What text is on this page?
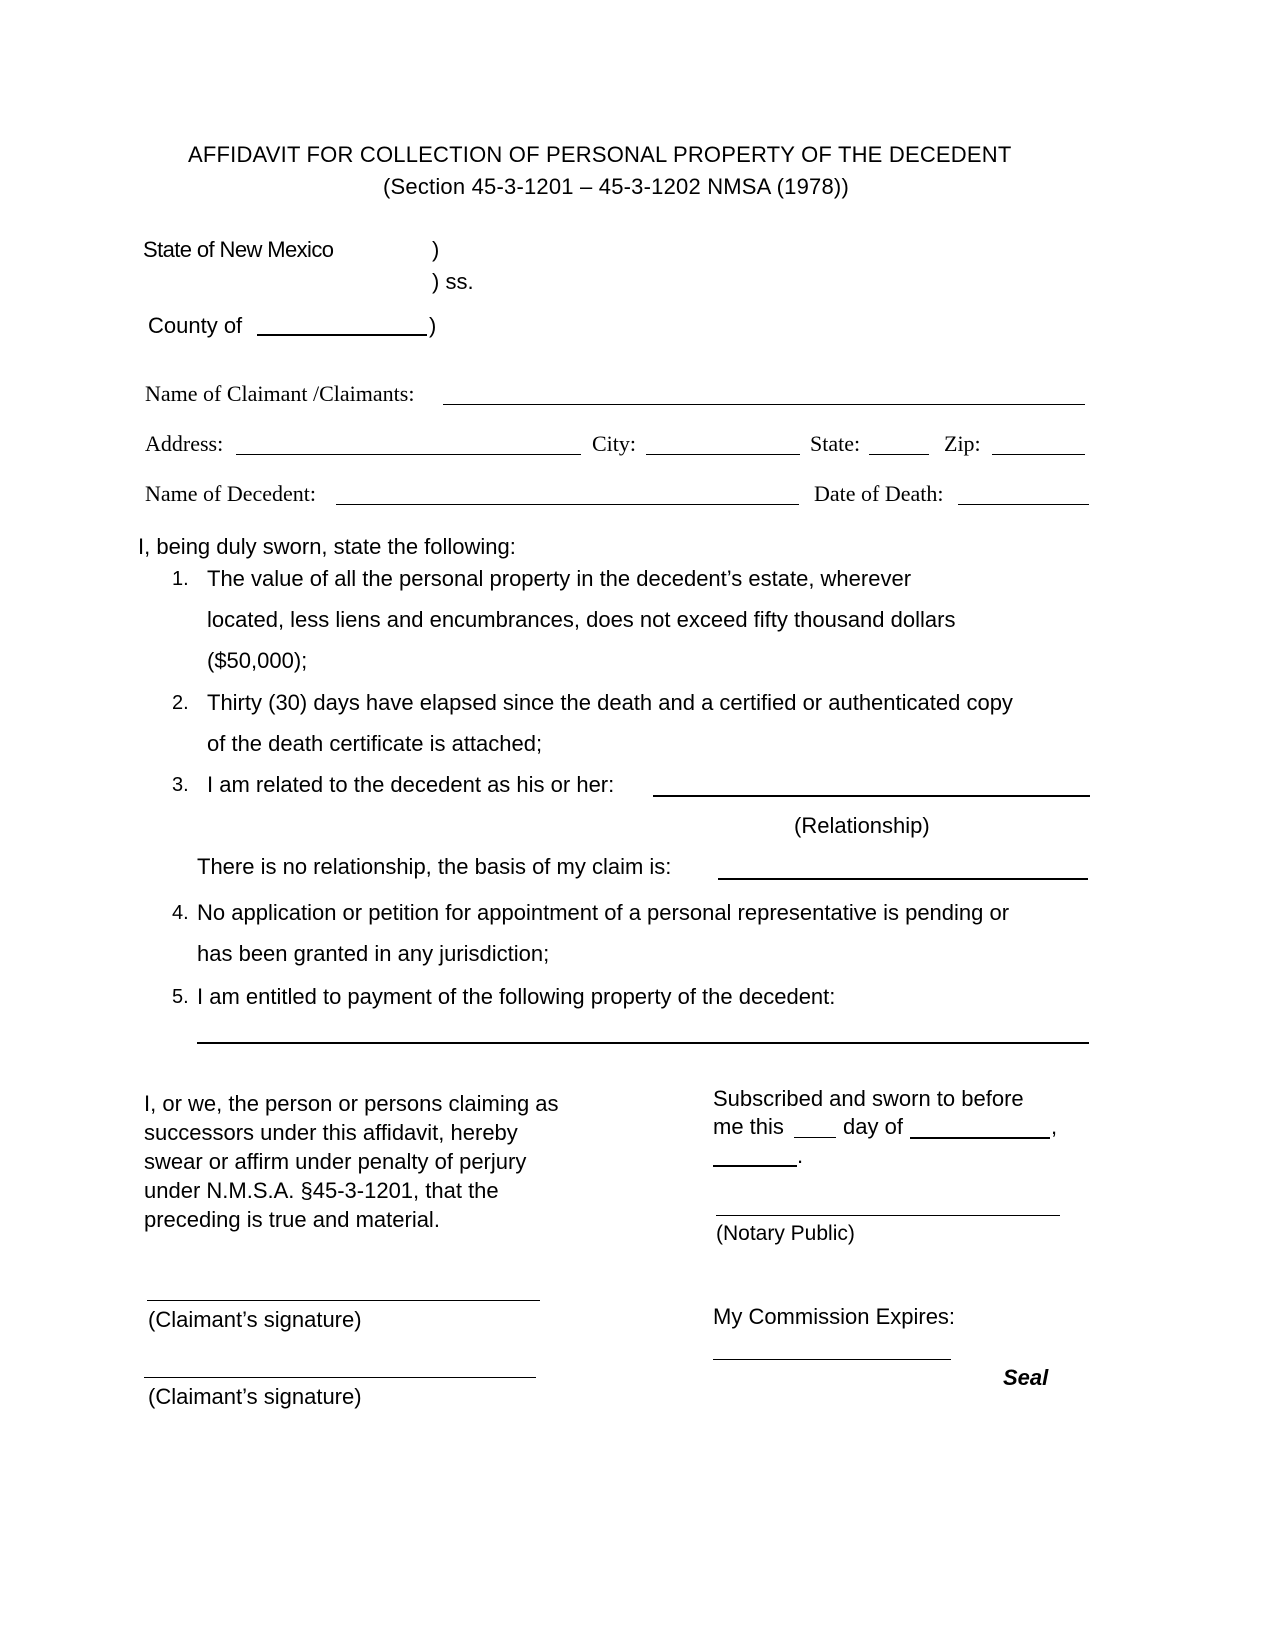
AFFIDAVIT FOR COLLECTION OF PERSONAL PROPERTY OF THE DECEDENT
(Section 45-3-1201 – 45-3-1202 NMSA (1978))
State of New Mexico	)
) ss.
County of	)
Name of Claimant /Claimants:
Address:	City:	State:	Zip:
Name of Decedent:	Date of Death:
I, being duly sworn, state the following:
1. The value of all the personal property in the decedent’s estate, wherever
located, less liens and encumbrances, does not exceed fifty thousand dollars
($50,000);
2. Thirty (30) days have elapsed since the death and a certified or authenticated copy
of the death certificate is attached;
3. I am related to the decedent as his or her:
(Relationship)
There is no relationship, the basis of my claim is:
4. No application or petition for appointment of a personal representative is pending or
has been granted in any jurisdiction;
5. I am entitled to payment of the following property of the decedent:
I, or we, the person or persons claiming as successors under this affidavit, hereby swear or affirm under penalty of perjury under N.M.S.A. §45-3-1201, that the preceding is true and material.
(Claimant’s signature)
(Claimant’s signature)
Subscribed and sworn to before
me this	day of	,
.
(Notary Public)
My Commission Expires:
Seal
